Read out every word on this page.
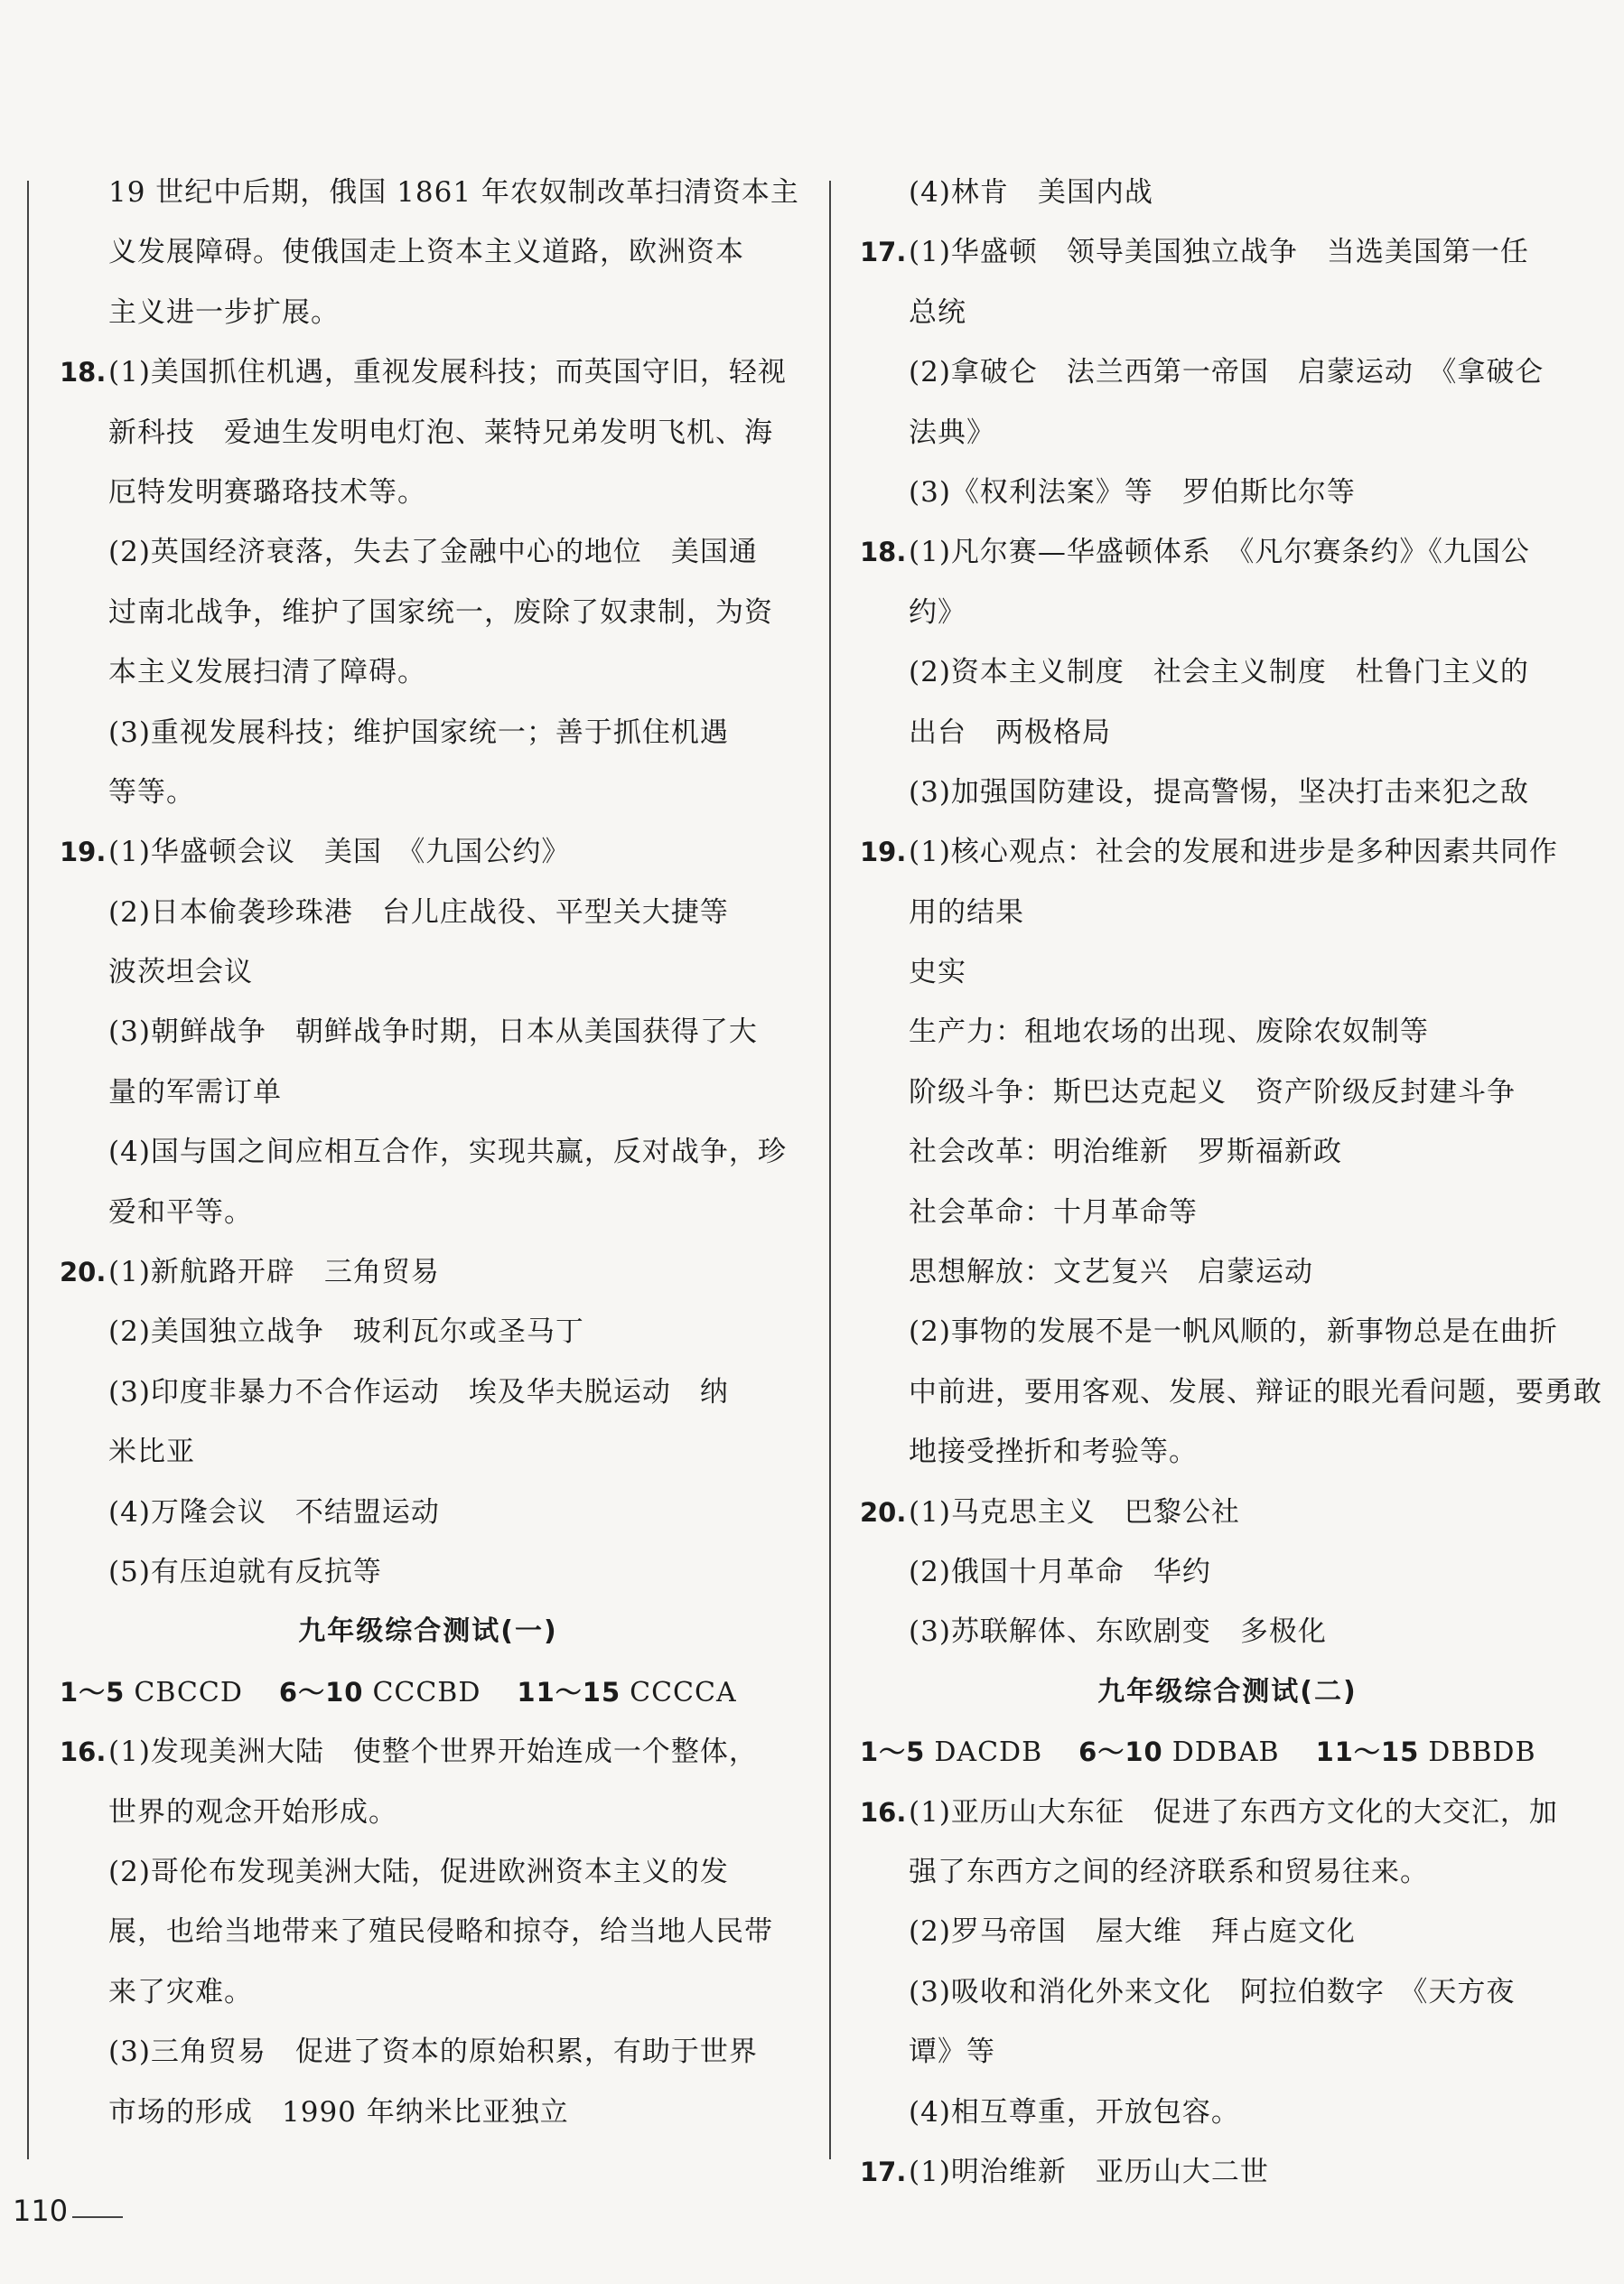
19 世纪中后期，俄国 1861 年农奴制改革扫清资本主
义发展障碍。使俄国走上资本主义道路，欧洲资本
主义进一步扩展。
18.(1)美国抓住机遇，重视发展科技；而英国守旧，轻视
新科技　爱迪生发明电灯泡、莱特兄弟发明飞机、海
厄特发明赛璐珞技术等。
(2)英国经济衰落，失去了金融中心的地位　美国通
过南北战争，维护了国家统一，废除了奴隶制，为资
本主义发展扫清了障碍。
(3)重视发展科技；维护国家统一；善于抓住机遇
等等。
19.(1)华盛顿会议　美国　《九国公约》
(2)日本偷袭珍珠港　台儿庄战役、平型关大捷等
波茨坦会议
(3)朝鲜战争　朝鲜战争时期，日本从美国获得了大
量的军需订单
(4)国与国之间应相互合作，实现共赢，反对战争，珍
爱和平等。
20.(1)新航路开辟　三角贸易
(2)美国独立战争　玻利瓦尔或圣马丁
(3)印度非暴力不合作运动　埃及华夫脱运动　纳
米比亚
(4)万隆会议　不结盟运动
(5)有压迫就有反抗等
九年级综合测试(一)
1～5 CBCCD 6～10 CCCBD 11～15 CCCCA
16.(1)发现美洲大陆　使整个世界开始连成一个整体，
世界的观念开始形成。
(2)哥伦布发现美洲大陆，促进欧洲资本主义的发
展，也给当地带来了殖民侵略和掠夺，给当地人民带
来了灾难。
(3)三角贸易　促进了资本的原始积累，有助于世界
市场的形成　1990 年纳米比亚独立
(4)林肯　美国内战
17.(1)华盛顿　领导美国独立战争　当选美国第一任
总统
(2)拿破仑　法兰西第一帝国　启蒙运动　《拿破仑
法典》
(3)《权利法案》等　罗伯斯比尔等
18.(1)凡尔赛—华盛顿体系　《凡尔赛条约》《九国公
约》
(2)资本主义制度　社会主义制度　杜鲁门主义的
出台　两极格局
(3)加强国防建设，提高警惕，坚决打击来犯之敌
19.(1)核心观点：社会的发展和进步是多种因素共同作
用的结果
史实
生产力：租地农场的出现、废除农奴制等
阶级斗争：斯巴达克起义　资产阶级反封建斗争
社会改革：明治维新　罗斯福新政
社会革命：十月革命等
思想解放：文艺复兴　启蒙运动
(2)事物的发展不是一帆风顺的，新事物总是在曲折
中前进，要用客观、发展、辩证的眼光看问题，要勇敢
地接受挫折和考验等。
20.(1)马克思主义　巴黎公社
(2)俄国十月革命　华约
(3)苏联解体、东欧剧变　多极化
九年级综合测试(二)
1～5 DACDB 6～10 DDBAB 11～15 DBBDB
16.(1)亚历山大东征　促进了东西方文化的大交汇，加
强了东西方之间的经济联系和贸易往来。
(2)罗马帝国　屋大维　拜占庭文化
(3)吸收和消化外来文化　阿拉伯数字　《天方夜
谭》等
(4)相互尊重，开放包容。
17.(1)明治维新　亚历山大二世
110
